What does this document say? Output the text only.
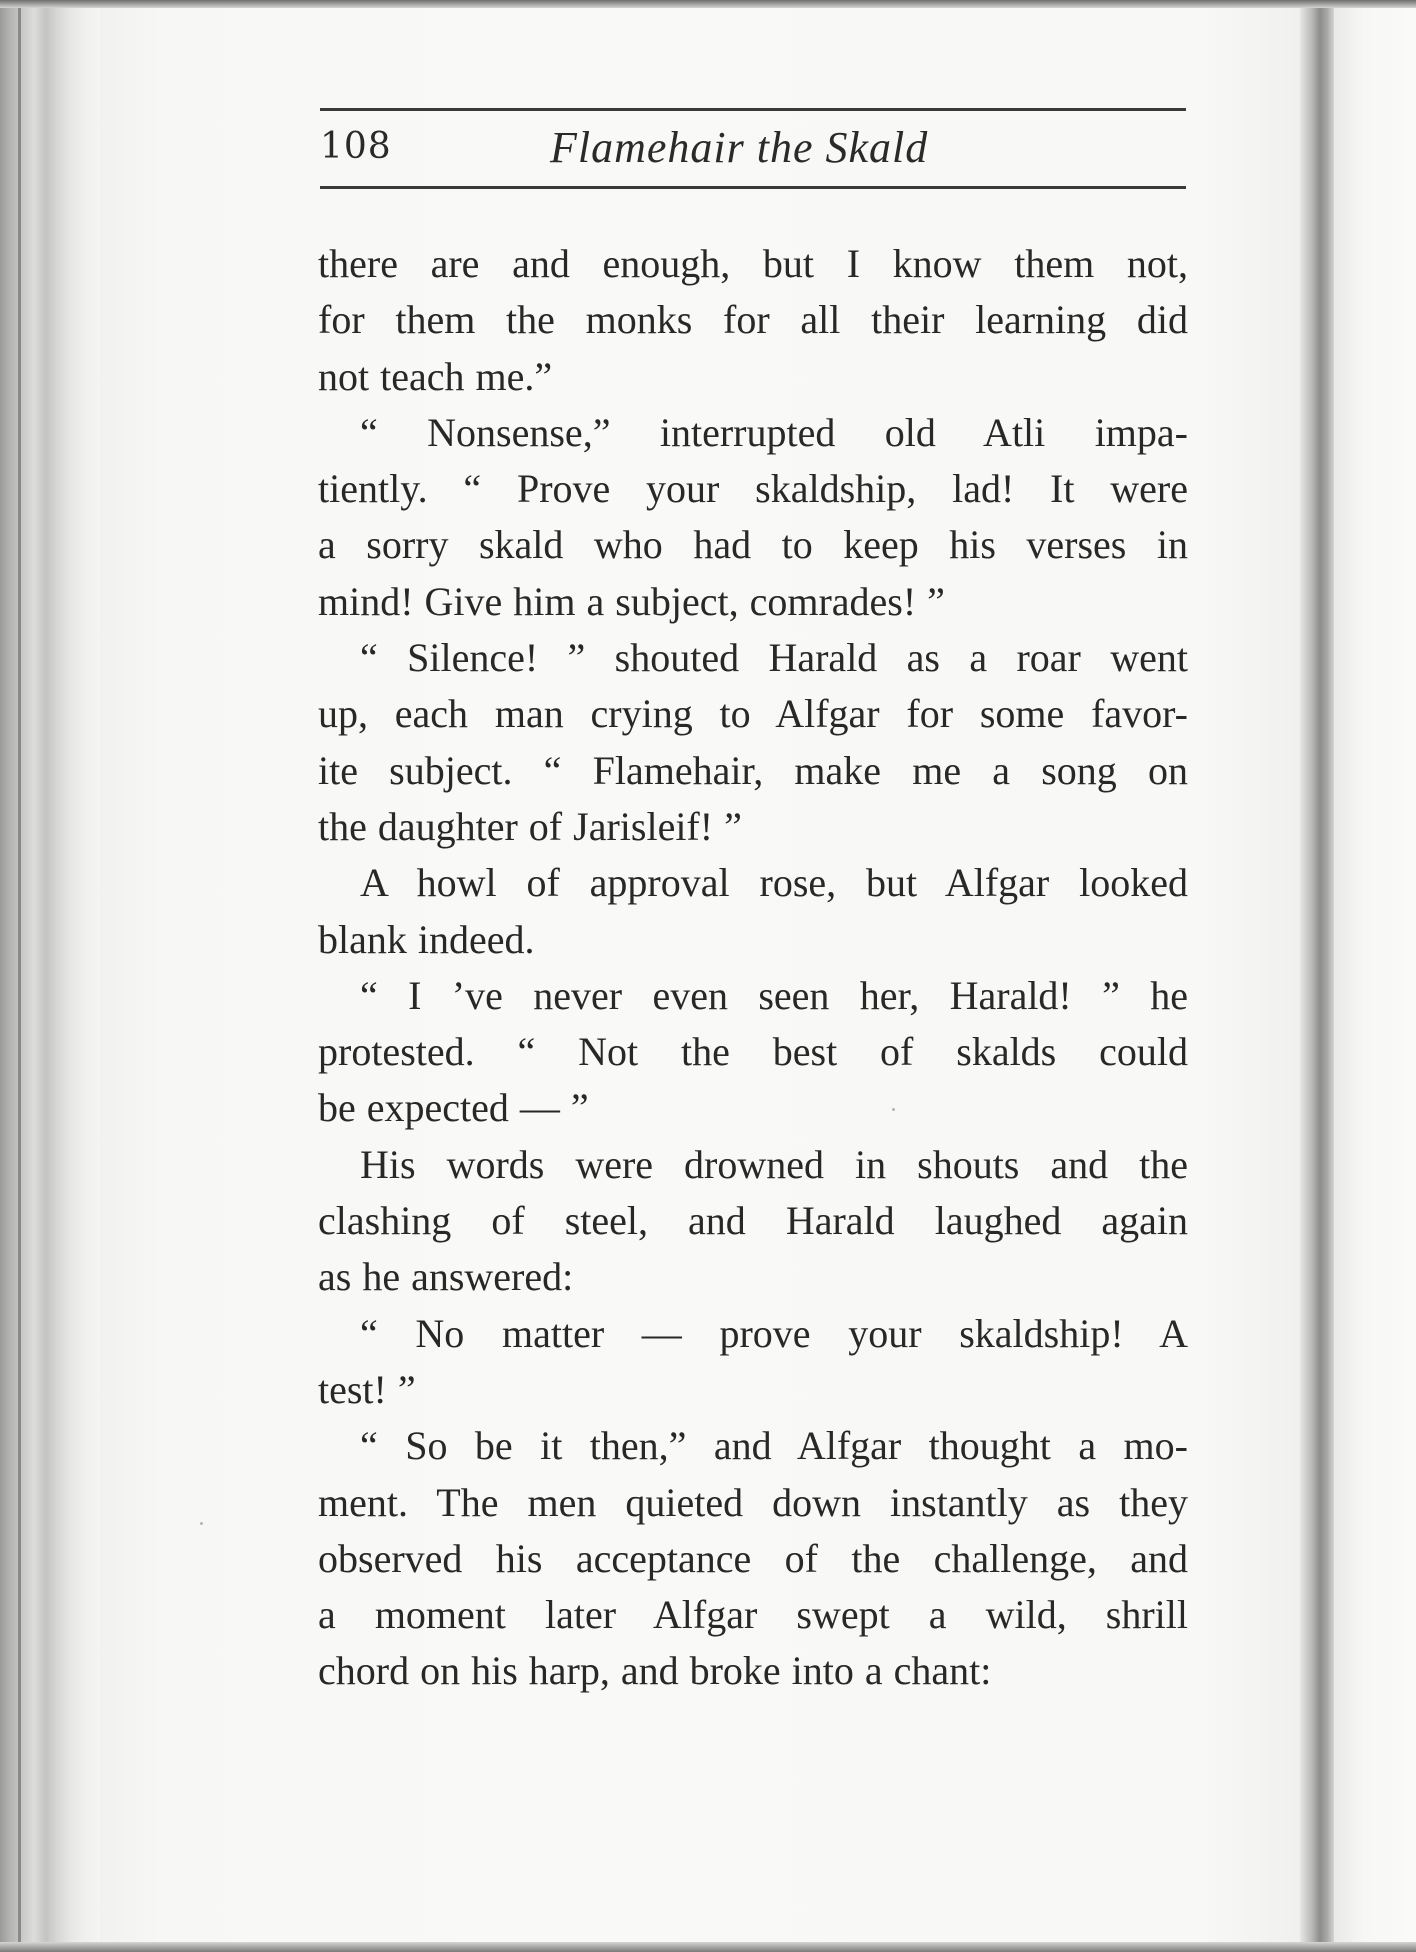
108	Flamehair the Skald
there are and enough, but I know them not,
for them the monks for all their learning did
not teach me.”
“ Nonsense,” interrupted old Atli impa-
tiently. “ Prove your skaldship, lad! It were
a sorry skald who had to keep his verses in
mind! Give him a subject, comrades! ”
“ Silence! ” shouted Harald as a roar went
up, each man crying to Alfgar for some favor-
ite subject. “ Flamehair, make me a song on
the daughter of Jarisleif! ”
A howl of approval rose, but Alfgar looked
blank indeed.
“ I ’ve never even seen her, Harald! ” he
protested. “ Not the best of skalds could
be expected — ”
His words were drowned in shouts and the
clashing of steel, and Harald laughed again
as he answered:
“ No matter — prove your skaldship! A
test! ”
“ So be it then,” and Alfgar thought a mo-
ment. The men quieted down instantly as they
observed his acceptance of the challenge, and
a moment later Alfgar swept a wild, shrill
chord on his harp, and broke into a chant:
